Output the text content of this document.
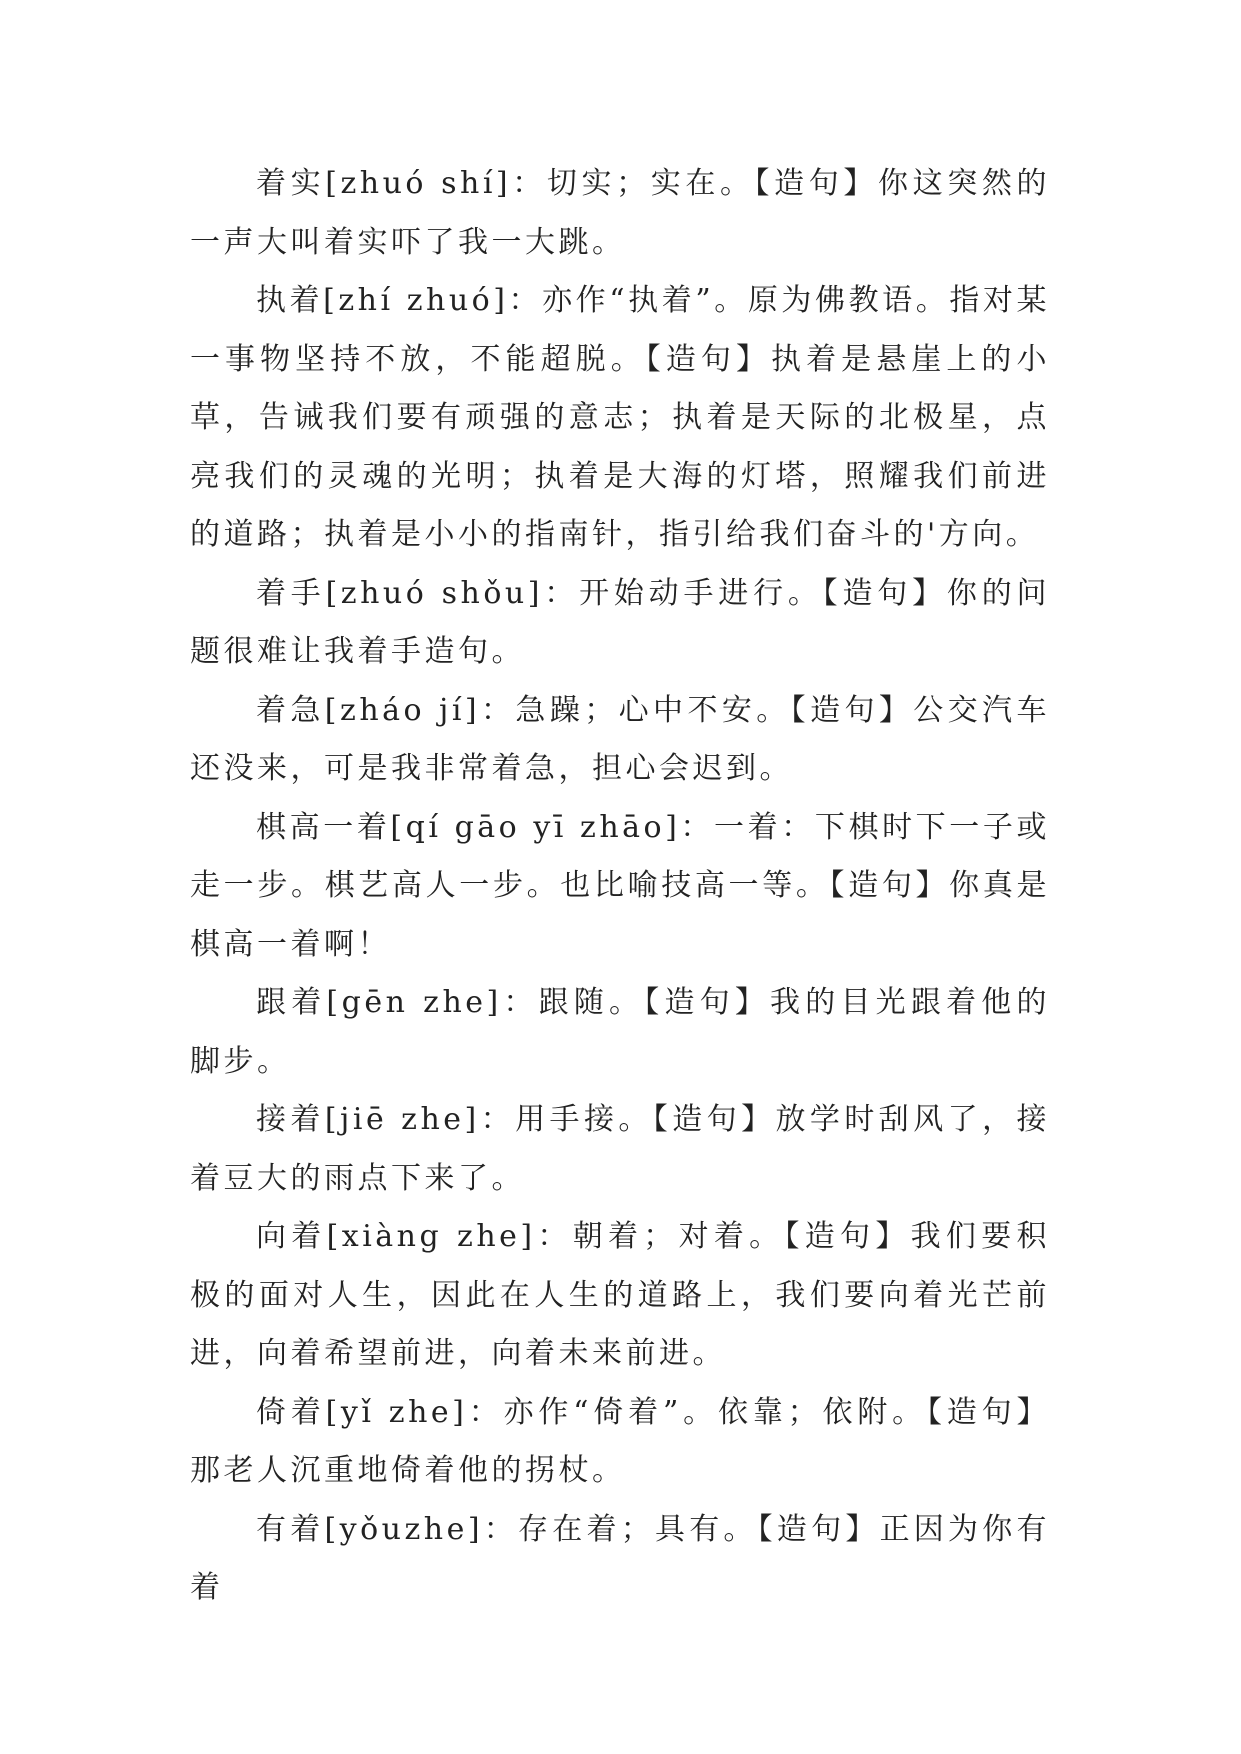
着实[zhuó shí]：切实；实在。【造句】你这突然的一声大叫着实吓了我一大跳。

执着[zhí zhuó]：亦作“执着”。原为佛教语。指对某一事物坚持不放，不能超脱。【造句】执着是悬崖上的小草，告诫我们要有顽强的意志；执着是天际的北极星，点亮我们的灵魂的光明；执着是大海的灯塔，照耀我们前进的道路；执着是小小的指南针，指引给我们奋斗的'方向。

着手[zhuó shǒu]：开始动手进行。【造句】你的问题很难让我着手造句。

着急[zháo jí]：急躁；心中不安。【造句】公交汽车还没来，可是我非常着急，担心会迟到。

棋高一着[qí gāo yī zhāo]：一着：下棋时下一子或走一步。棋艺高人一步。也比喻技高一等。【造句】你真是棋高一着啊！

跟着[gēn zhe]：跟随。【造句】我的目光跟着他的脚步。

接着[jiē zhe]：用手接。【造句】放学时刮风了，接着豆大的雨点下来了。

向着[xiàng zhe]：朝着；对着。【造句】我们要积极的面对人生，因此在人生的道路上，我们要向着光芒前进，向着希望前进，向着未来前进。

倚着[yǐ zhe]：亦作“倚着”。依靠；依附。【造句】那老人沉重地倚着他的拐杖。

有着[yǒuzhe]：存在着；具有。【造句】正因为你有着
